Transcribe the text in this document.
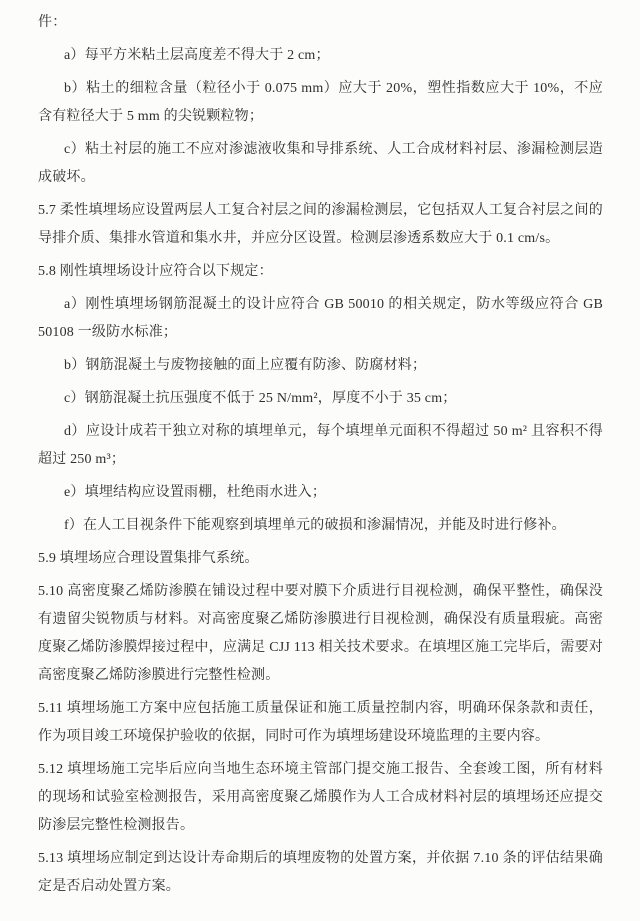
件：

a）每平方米粘土层高度差不得大于 2 cm；

b）粘土的细粒含量（粒径小于 0.075 mm）应大于 20%，塑性指数应大于 10%，不应含有粒径大于 5 mm 的尖锐颗粒物；

c）粘土衬层的施工不应对渗滤液收集和导排系统、人工合成材料衬层、渗漏检测层造成破坏。

5.7 柔性填埋场应设置两层人工复合衬层之间的渗漏检测层，它包括双人工复合衬层之间的导排介质、集排水管道和集水井，并应分区设置。检测层渗透系数应大于 0.1 cm/s。

5.8 刚性填埋场设计应符合以下规定：

a）刚性填埋场钢筋混凝土的设计应符合 GB 50010 的相关规定，防水等级应符合 GB 50108 一级防水标准；

b）钢筋混凝土与废物接触的面上应覆有防渗、防腐材料；

c）钢筋混凝土抗压强度不低于 25 N/mm²，厚度不小于 35 cm；

d）应设计成若干独立对称的填埋单元，每个填埋单元面积不得超过 50 m² 且容积不得超过 250 m³；

e）填埋结构应设置雨棚，杜绝雨水进入；

f）在人工目视条件下能观察到填埋单元的破损和渗漏情况，并能及时进行修补。

5.9 填埋场应合理设置集排气系统。

5.10 高密度聚乙烯防渗膜在铺设过程中要对膜下介质进行目视检测，确保平整性，确保没有遗留尖锐物质与材料。对高密度聚乙烯防渗膜进行目视检测，确保没有质量瑕疵。高密度聚乙烯防渗膜焊接过程中，应满足 CJJ 113 相关技术要求。在填埋区施工完毕后，需要对高密度聚乙烯防渗膜进行完整性检测。

5.11 填埋场施工方案中应包括施工质量保证和施工质量控制内容，明确环保条款和责任，作为项目竣工环境保护验收的依据，同时可作为填埋场建设环境监理的主要内容。

5.12 填埋场施工完毕后应向当地生态环境主管部门提交施工报告、全套竣工图，所有材料的现场和试验室检测报告，采用高密度聚乙烯膜作为人工合成材料衬层的填埋场还应提交防渗层完整性检测报告。

5.13 填埋场应制定到达设计寿命期后的填埋废物的处置方案，并依据 7.10 条的评估结果确定是否启动处置方案。
